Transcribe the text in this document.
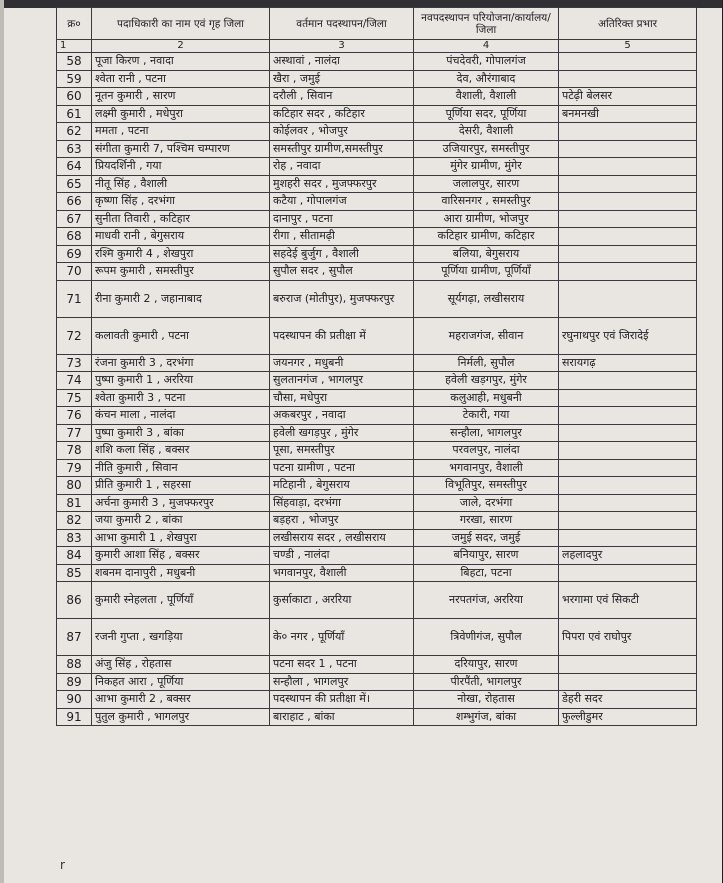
क्र०	पदाधिकारी का नाम एवं गृह जिला	वर्तमान पदस्थापन/जिला	नवपदस्थापन परियोजना/कार्यालय/जिला	अतिरिक्त प्रभार
1	2	3	4	5
58	पूजा किरण , नवादा	अस्थावां , नालंदा	पंचदेवरी, गोपालगंज	
59	श्वेता रानी , पटना	खैरा , जमुई	देव, औरंगाबाद	
60	नूतन कुमारी , सारण	दरौली , सिवान	वैशाली, वैशाली	पटेढ़ी बेलसर
61	लक्ष्मी कुमारी , मधेपुरा	कटिहार सदर , कटिहार	पूर्णिया सदर, पूर्णिया	बनमनखी
62	ममता , पटना	कोईलवर , भोजपुर	देसरी, वैशाली	
63	संगीता कुमारी 7, पश्चिम चम्पारण	समस्तीपुर ग्रामीण,समस्तीपुर	उजियारपुर, समस्तीपुर	
64	प्रियदर्शिनी , गया	रोह , नवादा	मुंगेर ग्रामीण, मुंगेर	
65	नीतू सिंह , वैशाली	मुशहरी सदर , मुजफ्फरपुर	जलालपुर, सारण	
66	कृष्णा सिंह , दरभंगा	कटैया , गोपालगंज	वारिसनगर , समस्तीपुर	
67	सुनीता तिवारी , कटिहार	दानापुर , पटना	आरा ग्रामीण, भोजपुर	
68	माधवी रानी , बेगुसराय	रीगा , सीतामढ़ी	कटिहार ग्रामीण, कटिहार	
69	रश्मि कुमारी 4 , शेखपुरा	सहदेई बुर्जुग , वैशाली	बलिया, बेगुसराय	
70	रूपम कुमारी , समस्तीपुर	सुपौल सदर , सुपौल	पूर्णिया ग्रामीण, पूर्णियाँ	
71	रीना कुमारी 2 , जहानाबाद	बरुराज (मोतीपुर), मुजफ्फरपुर	सूर्यगढ़ा, लखीसराय	
72	कलावती कुमारी , पटना	पदस्थापन की प्रतीक्षा में	महराजगंज, सीवान	रघुनाथपुर एवं जिरादेई
73	रंजना कुमारी 3 , दरभंगा	जयनगर , मधुबनी	निर्मली, सुपौल	सरायगढ़
74	पुष्पा कुमारी 1 , अररिया	सुलतानगंज , भागलपुर	हवेली खड़गपुर, मुंगेर	
75	श्वेता कुमारी 3 , पटना	चौसा, मधेपुरा	कलुआही, मधुबनी	
76	कंचन माला , नालंदा	अकबरपुर , नवादा	टेकारी, गया	
77	पुष्पा कुमारी 3 , बांका	हवेली खगड़पुर , मुंगेर	सन्हौला, भागलपुर	
78	शशि कला सिंह , बक्सर	पूसा, समस्तीपुर	परवलपुर, नालंदा	
79	नीति कुमारी , सिवान	पटना ग्रामीण , पटना	भगवानपुर, वैशाली	
80	प्रीति कुमारी 1 , सहरसा	मटिहानी , बेगुसराय	विभूतिपुर, समस्तीपुर	
81	अर्चना कुमारी 3 , मुजफ्फरपुर	सिंहवाड़ा, दरभंगा	जाले, दरभंगा	
82	जया कुमारी 2 , बांका	बड़हरा , भोजपुर	गरखा, सारण	
83	आभा कुमारी 1 , शेखपुरा	लखीसराय सदर , लखीसराय	जमुई सदर, जमुई	
84	कुमारी आशा सिंह , बक्सर	चण्डी , नालंदा	बनियापुर, सारण	लहलादपुर
85	शबनम दानापुरी , मधुबनी	भगवानपुर, वैशाली	बिहटा, पटना	
86	कुमारी स्नेहलता , पूर्णियाँ	कुर्साकाटा , अररिया	नरपतगंज, अररिया	भरगामा एवं सिकटी
87	रजनी गुप्ता , खगड़िया	के० नगर , पूर्णियाँ	त्रिवेणीगंज, सुपौल	पिपरा एवं राघोपुर
88	अंजु सिंह , रोहतास	पटना सदर 1 , पटना	दरियापुर, सारण	
89	निकहत आरा , पूर्णिया	सन्हौला , भागलपुर	पीरपैंती, भागलपुर	
90	आभा कुमारी 2 , बक्सर	पदस्थापन की प्रतीक्षा में।	नोखा, रोहतास	डेहरी सदर
91	पुतुल कुमारी , भागलपुर	बाराहाट , बांका	शम्भुगंज, बांका	फुल्लीडुमर
r
